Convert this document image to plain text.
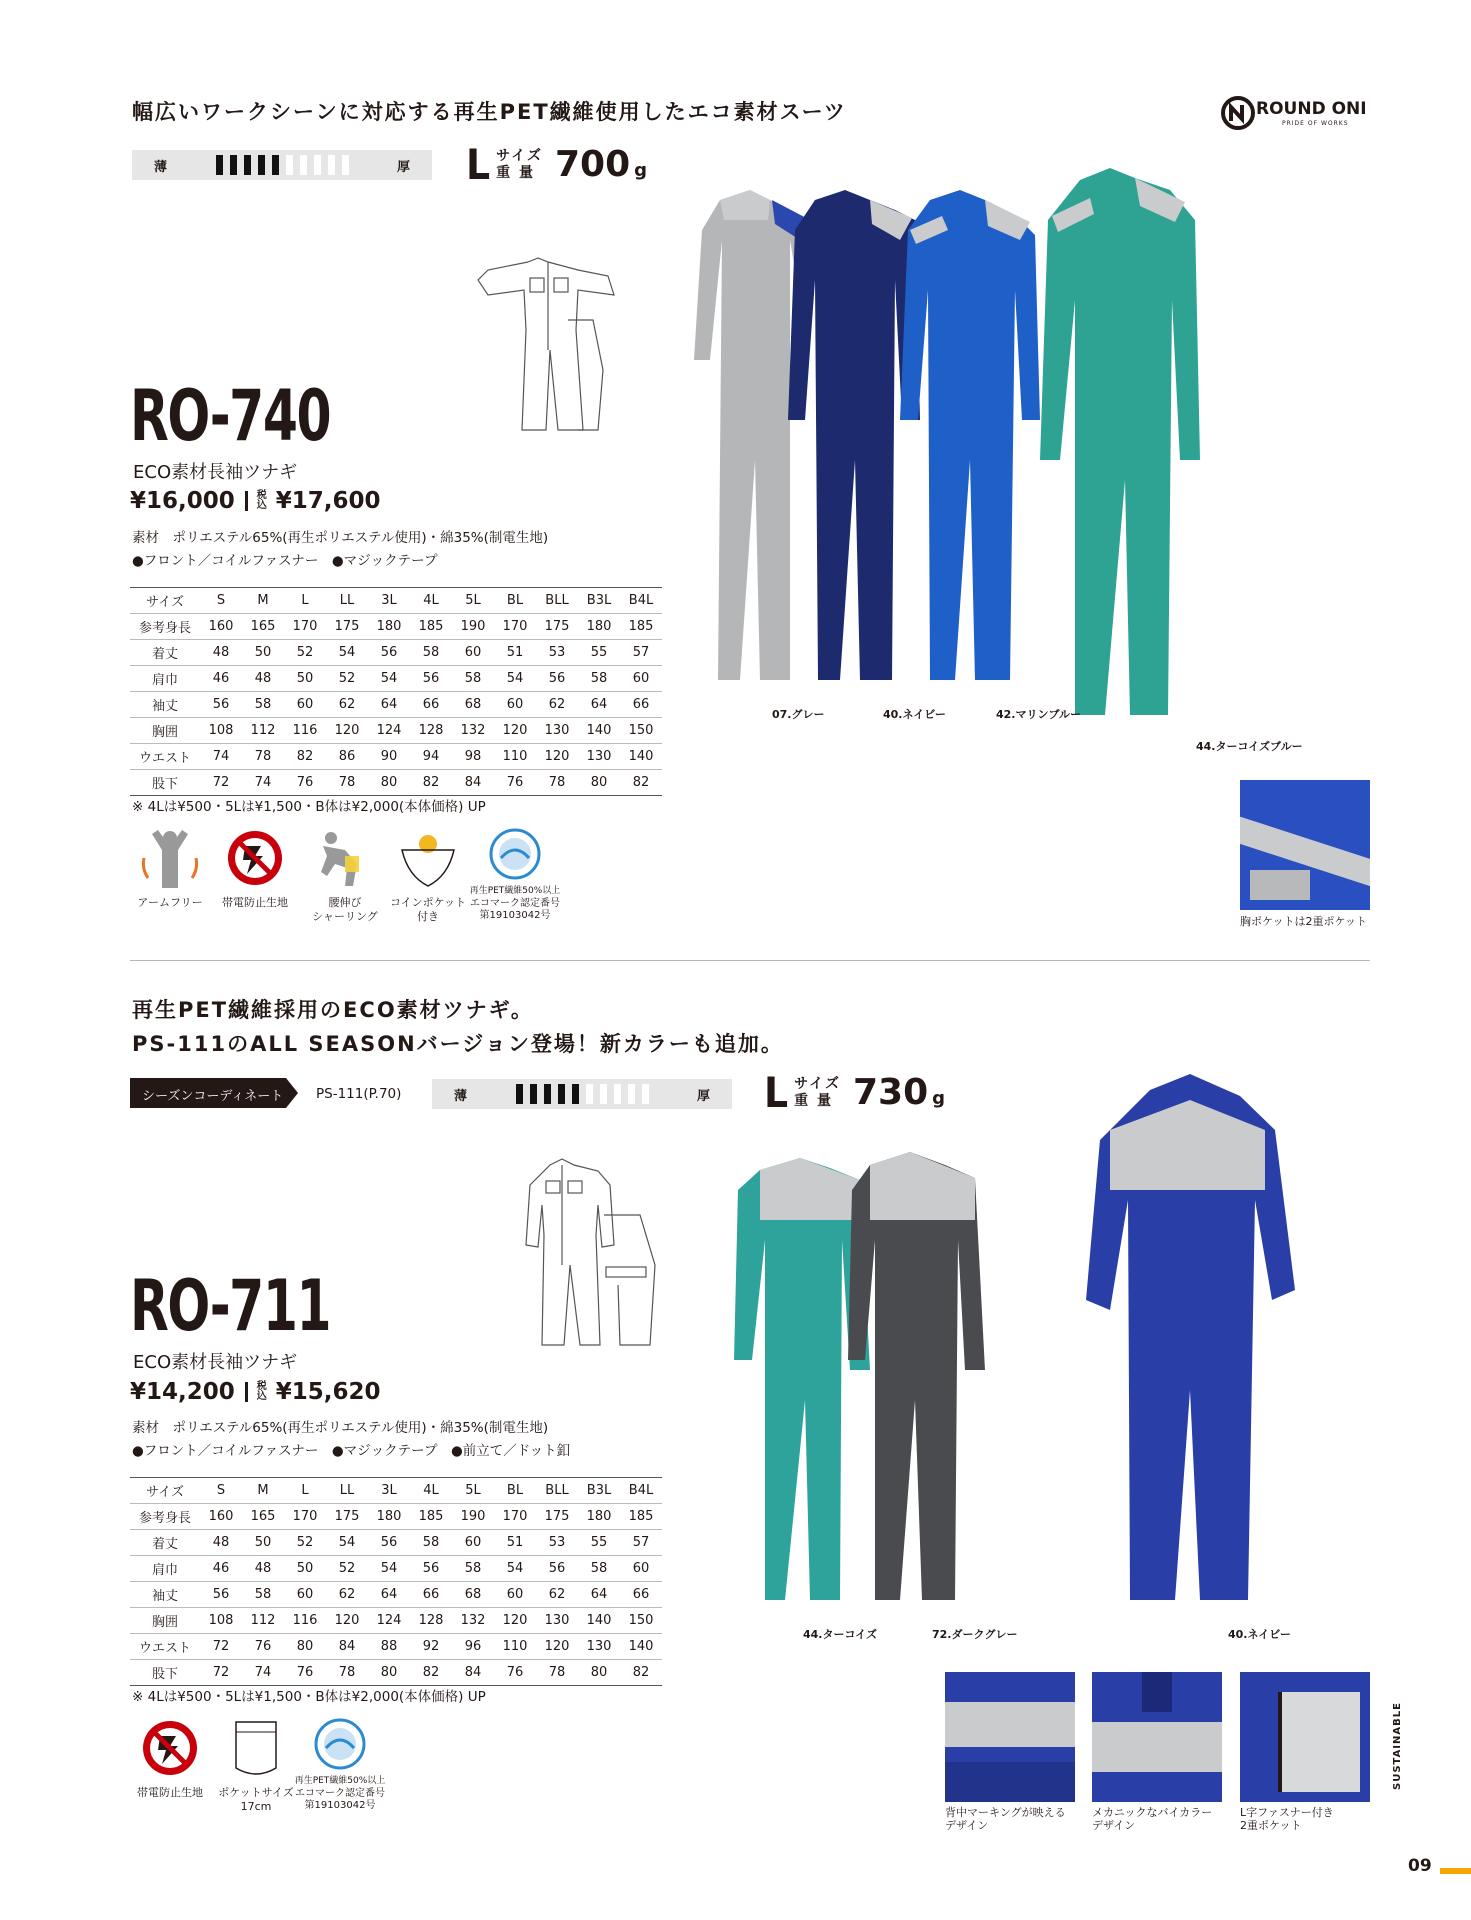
ROUND ONI
PRIDE OF WORKS
幅広いワークシーンに対応する再生PET繊維使用したエコ素材スーツ
薄	厚 L サイズ
重 量 700 g
RO-740
ECO素材長袖ツナギ
¥16,000	税込 ¥17,600
素材　ポリエステル65%(再生ポリエステル使用)・綿35%(制電生地)
●フロント／コイルファスナー　●マジックテープ
サイズ	S	M	L	LL	3L	4L	5L	BL	BLL	B3L	B4L
参考身長	160	165	170	175	180	185	190	170	175	180	185
着丈	48	50	52	54	56	58	60	51	53	55	57
肩巾	46	48	50	52	54	56	58	54	56	58	60
袖丈	56	58	60	62	64	66	68	60	62	64	66
胸囲	108	112	116	120	124	128	132	120	130	140	150
ウエスト	74	78	82	86	90	94	98	110	120	130	140
股下	72	74	76	78	80	82	84	76	78	80	82
※ 4Lは¥500・5Lは¥1,500・B体は¥2,000(本体価格) UP
アームフリー	帯電防止生地	腰伸び
シャーリング
コインポケット付き
再生PET繊維50%以上
エコマーク認定番号
第19103042号
07.グレー	40.ネイビー	42.マリンブルー
44.ターコイズブルー
胸ポケットは2重ポケット
再生PET繊維採用のECO素材ツナギ。
PS-111のALL SEASONバージョン登場！新カラーも追加。
シーズンコーディネート PS-111(P.70)	薄	厚 L サイズ
重 量 730 g
RO-711
ECO素材長袖ツナギ
¥14,200	税込 ¥15,620
素材　ポリエステル65%(再生ポリエステル使用)・綿35%(制電生地)
●フロント／コイルファスナー　●マジックテープ　●前立て／ドット釦
サイズ	S	M	L	LL	3L	4L	5L	BL	BLL	B3L	B4L
参考身長	160	165	170	175	180	185	190	170	175	180	185
着丈	48	50	52	54	56	58	60	51	53	55	57
肩巾	46	48	50	52	54	56	58	54	56	58	60
袖丈	56	58	60	62	64	66	68	60	62	64	66
胸囲	108	112	116	120	124	128	132	120	130	140	150
ウエスト	72	76	80	84	88	92	96	110	120	130	140
股下	72	74	76	78	80	82	84	76	78	80	82
※ 4Lは¥500・5Lは¥1,500・B体は¥2,000(本体価格) UP
帯電防止生地	ポケットサイズ
17cm
再生PET繊維50%以上
エコマーク認定番号
第19103042号
44.ターコイズ	72.ダークグレー	40.ネイビー
背中マーキングが映える
デザイン
メカニックなバイカラー
デザイン
L字ファスナー付き
2重ポケット
SUSTAINABLE
09
